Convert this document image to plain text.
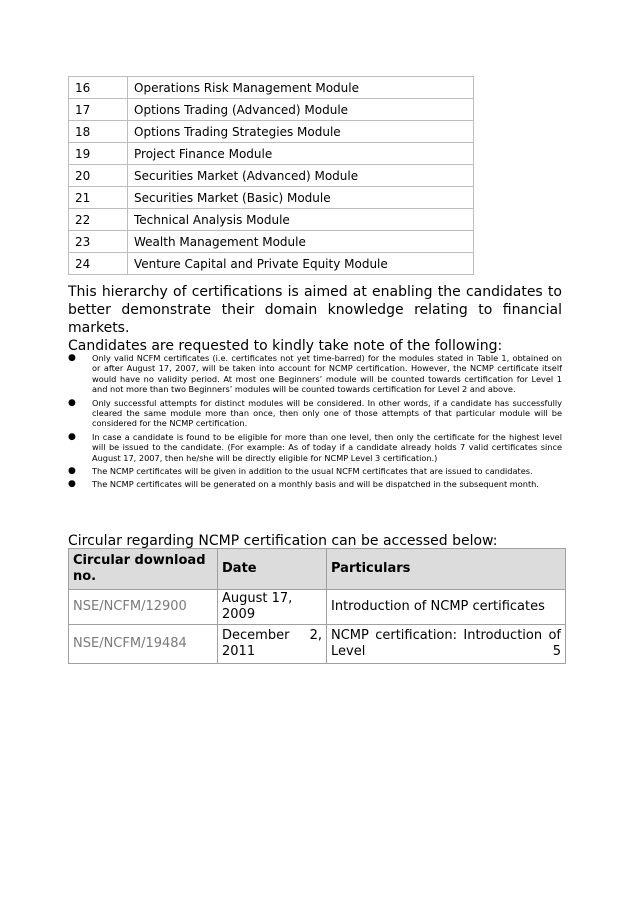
16	Operations Risk Management Module
17	Options Trading (Advanced) Module
18	Options Trading Strategies Module
19	Project Finance Module
20	Securities Market (Advanced) Module
21	Securities Market (Basic) Module
22	Technical Analysis Module
23	Wealth Management Module
24	Venture Capital and Private Equity Module

This hierarchy of certifications is aimed at enabling the candidates to better demonstrate their domain knowledge relating to financial markets.

Candidates are requested to kindly take note of the following:

● Only valid NCFM certificates (i.e. certificates not yet time-barred) for the modules stated in Table 1, obtained on or after August 17, 2007, will be taken into account for NCMP certification. However, the NCMP certificate itself would have no validity period. At most one Beginners’ module will be counted towards certification for Level 1 and not more than two Beginners’ modules will be counted towards certification for Level 2 and above.
● Only successful attempts for distinct modules will be considered. In other words, if a candidate has successfully cleared the same module more than once, then only one of those attempts of that particular module will be considered for the NCMP certification.
● In case a candidate is found to be eligible for more than one level, then only the certificate for the highest level will be issued to the candidate. (For example: As of today if a candidate already holds 7 valid certificates since August 17, 2007, then he/she will be directly eligible for NCMP Level 3 certification.)
● The NCMP certificates will be given in addition to the usual NCFM certificates that are issued to candidates.
● The NCMP certificates will be generated on a monthly basis and will be dispatched in the subsequent month.

Circular regarding NCMP certification can be accessed below:

Circular download no.	Date	Particulars
NSE/NCFM/12900	August 17, 2009	Introduction of NCMP certificates
NSE/NCFM/19484	December 2, 2011	NCMP certification: Introduction of Level 5
